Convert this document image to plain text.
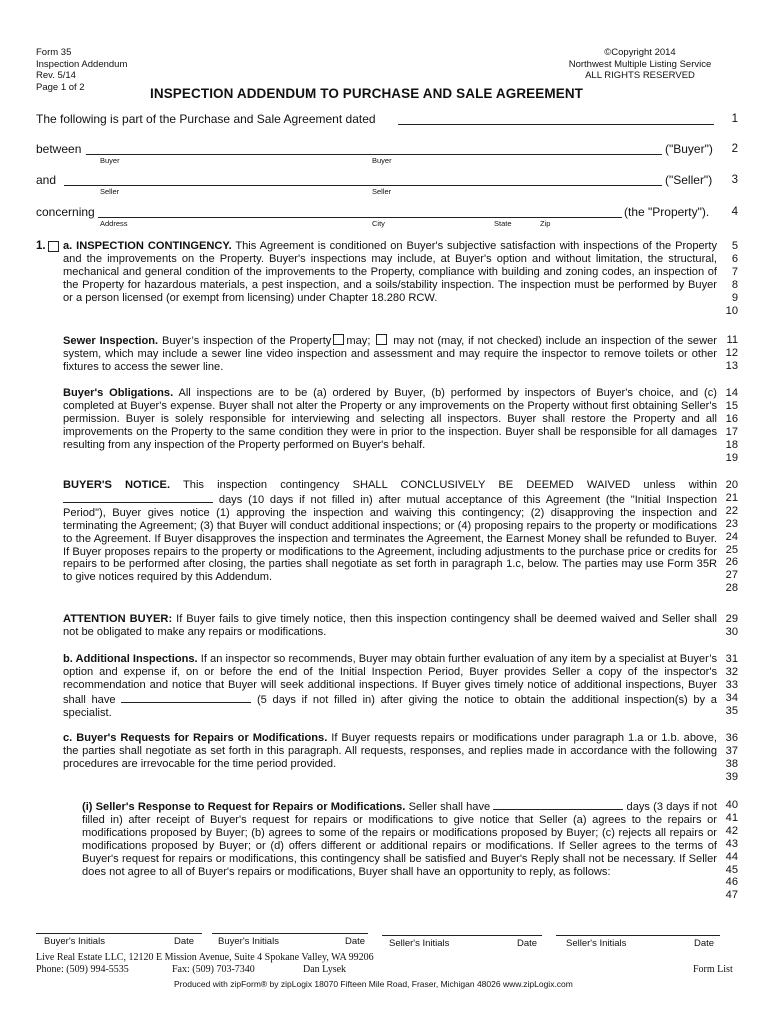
Form 35
Inspection Addendum
Rev. 5/14
Page 1 of 2
©Copyright 2014
Northwest Multiple Listing Service
ALL RIGHTS RESERVED
INSPECTION ADDENDUM TO PURCHASE AND SALE AGREEMENT
The following is part of the Purchase and Sale Agreement dated	1
between	("Buyer")
Buyer	Buyer
2
and	("Seller")
Seller	Seller
3
concerning	(the "Property").
Address	City	State	Zip
4
1. a. INSPECTION CONTINGENCY. This Agreement is conditioned on Buyer's subjective satisfaction with inspections of the Property and the improvements on the Property. Buyer's inspections may include, at Buyer's option and without limitation, the structural, mechanical and general condition of the improvements to the Property, compliance with building and zoning codes, an inspection of the Property for hazardous materials, a pest inspection, and a soils/stability inspection. The inspection must be performed by Buyer or a person licensed (or exempt from licensing) under Chapter 18.280 RCW.
5
6
7
8
9
10
Sewer Inspection. Buyer’s inspection of the Property may; may not (may, if not checked) include an inspection of the sewer system, which may include a sewer line video inspection and assessment and may require the inspector to remove toilets or other fixtures to access the sewer line.
11
12
13
Buyer's Obligations. All inspections are to be (a) ordered by Buyer, (b) performed by inspectors of Buyer's choice, and (c) completed at Buyer's expense. Buyer shall not alter the Property or any improvements on the Property without first obtaining Seller's permission. Buyer is solely responsible for interviewing and selecting all inspectors. Buyer shall restore the Property and all improvements on the Property to the same condition they were in prior to the inspection. Buyer shall be responsible for all damages resulting from any inspection of the Property performed on Buyer's behalf.
14
15
16
17
18
19
BUYER'S NOTICE. This inspection contingency SHALL CONCLUSIVELY BE DEEMED WAIVED unless within  days (10 days if not filled in) after mutual acceptance of this Agreement (the "Initial Inspection Period"), Buyer gives notice (1) approving the inspection and waiving this contingency; (2) disapproving the inspection and terminating the Agreement; (3) that Buyer will conduct additional inspections; or (4) proposing repairs to the property or modifications to the Agreement. If Buyer disapproves the inspection and terminates the Agreement, the Earnest Money shall be refunded to Buyer. If Buyer proposes repairs to the property or modifications to the Agreement, including adjustments to the purchase price or credits for repairs to be performed after closing, the parties shall negotiate as set forth in paragraph 1.c, below. The parties may use Form 35R to give notices required by this Addendum.
20
21
22
23
24
25
26
27
28
ATTENTION BUYER: If Buyer fails to give timely notice, then this inspection contingency shall be deemed waived and Seller shall not be obligated to make any repairs or modifications.
29
30
b. Additional Inspections. If an inspector so recommends, Buyer may obtain further evaluation of any item by a specialist at Buyer’s option and expense if, on or before the end of the Initial Inspection Period, Buyer provides Seller a copy of the inspector's recommendation and notice that Buyer will seek additional inspections. If Buyer gives timely notice of additional inspections, Buyer shall have	(5 days if not filled in) after giving the notice to obtain the additional inspection(s) by a specialist.
31
32
33
34
35
c. Buyer's Requests for Repairs or Modifications. If Buyer requests repairs or modifications under paragraph 1.a or 1.b. above, the parties shall negotiate as set forth in this paragraph. All requests, responses, and replies made in accordance with the following procedures are irrevocable for the time period provided.
36
37
38
39
(i) Seller's Response to Request for Repairs or Modifications. Seller shall have	days (3 days if not filled in) after receipt of Buyer's request for repairs or modifications to give notice that Seller (a) agrees to the repairs or modifications proposed by Buyer; (b) agrees to some of the repairs or modifications proposed by Buyer; (c) rejects all repairs or modifications proposed by Buyer; or (d) offers different or additional repairs or modifications. If Seller agrees to the terms of Buyer's request for repairs or modifications, this contingency shall be satisfied and Buyer's Reply shall not be necessary. If Seller does not agree to all of Buyer's repairs or modifications, Buyer shall have an opportunity to reply, as follows:
40
41
42
43
44
45
46
47
Buyer's Initials	Date	Buyer's Initials	Date	Seller's Initials	Date	Seller's Initials	Date
Live Real Estate LLC, 12120 E Mission Avenue, Suite 4 Spokane Valley, WA 99206
Phone: (509) 994-5535	Fax: (509) 703-7340	Dan Lysek	Form List
Produced with zipForm® by zipLogix 18070 Fifteen Mile Road, Fraser, Michigan 48026 www.zipLogix.com
